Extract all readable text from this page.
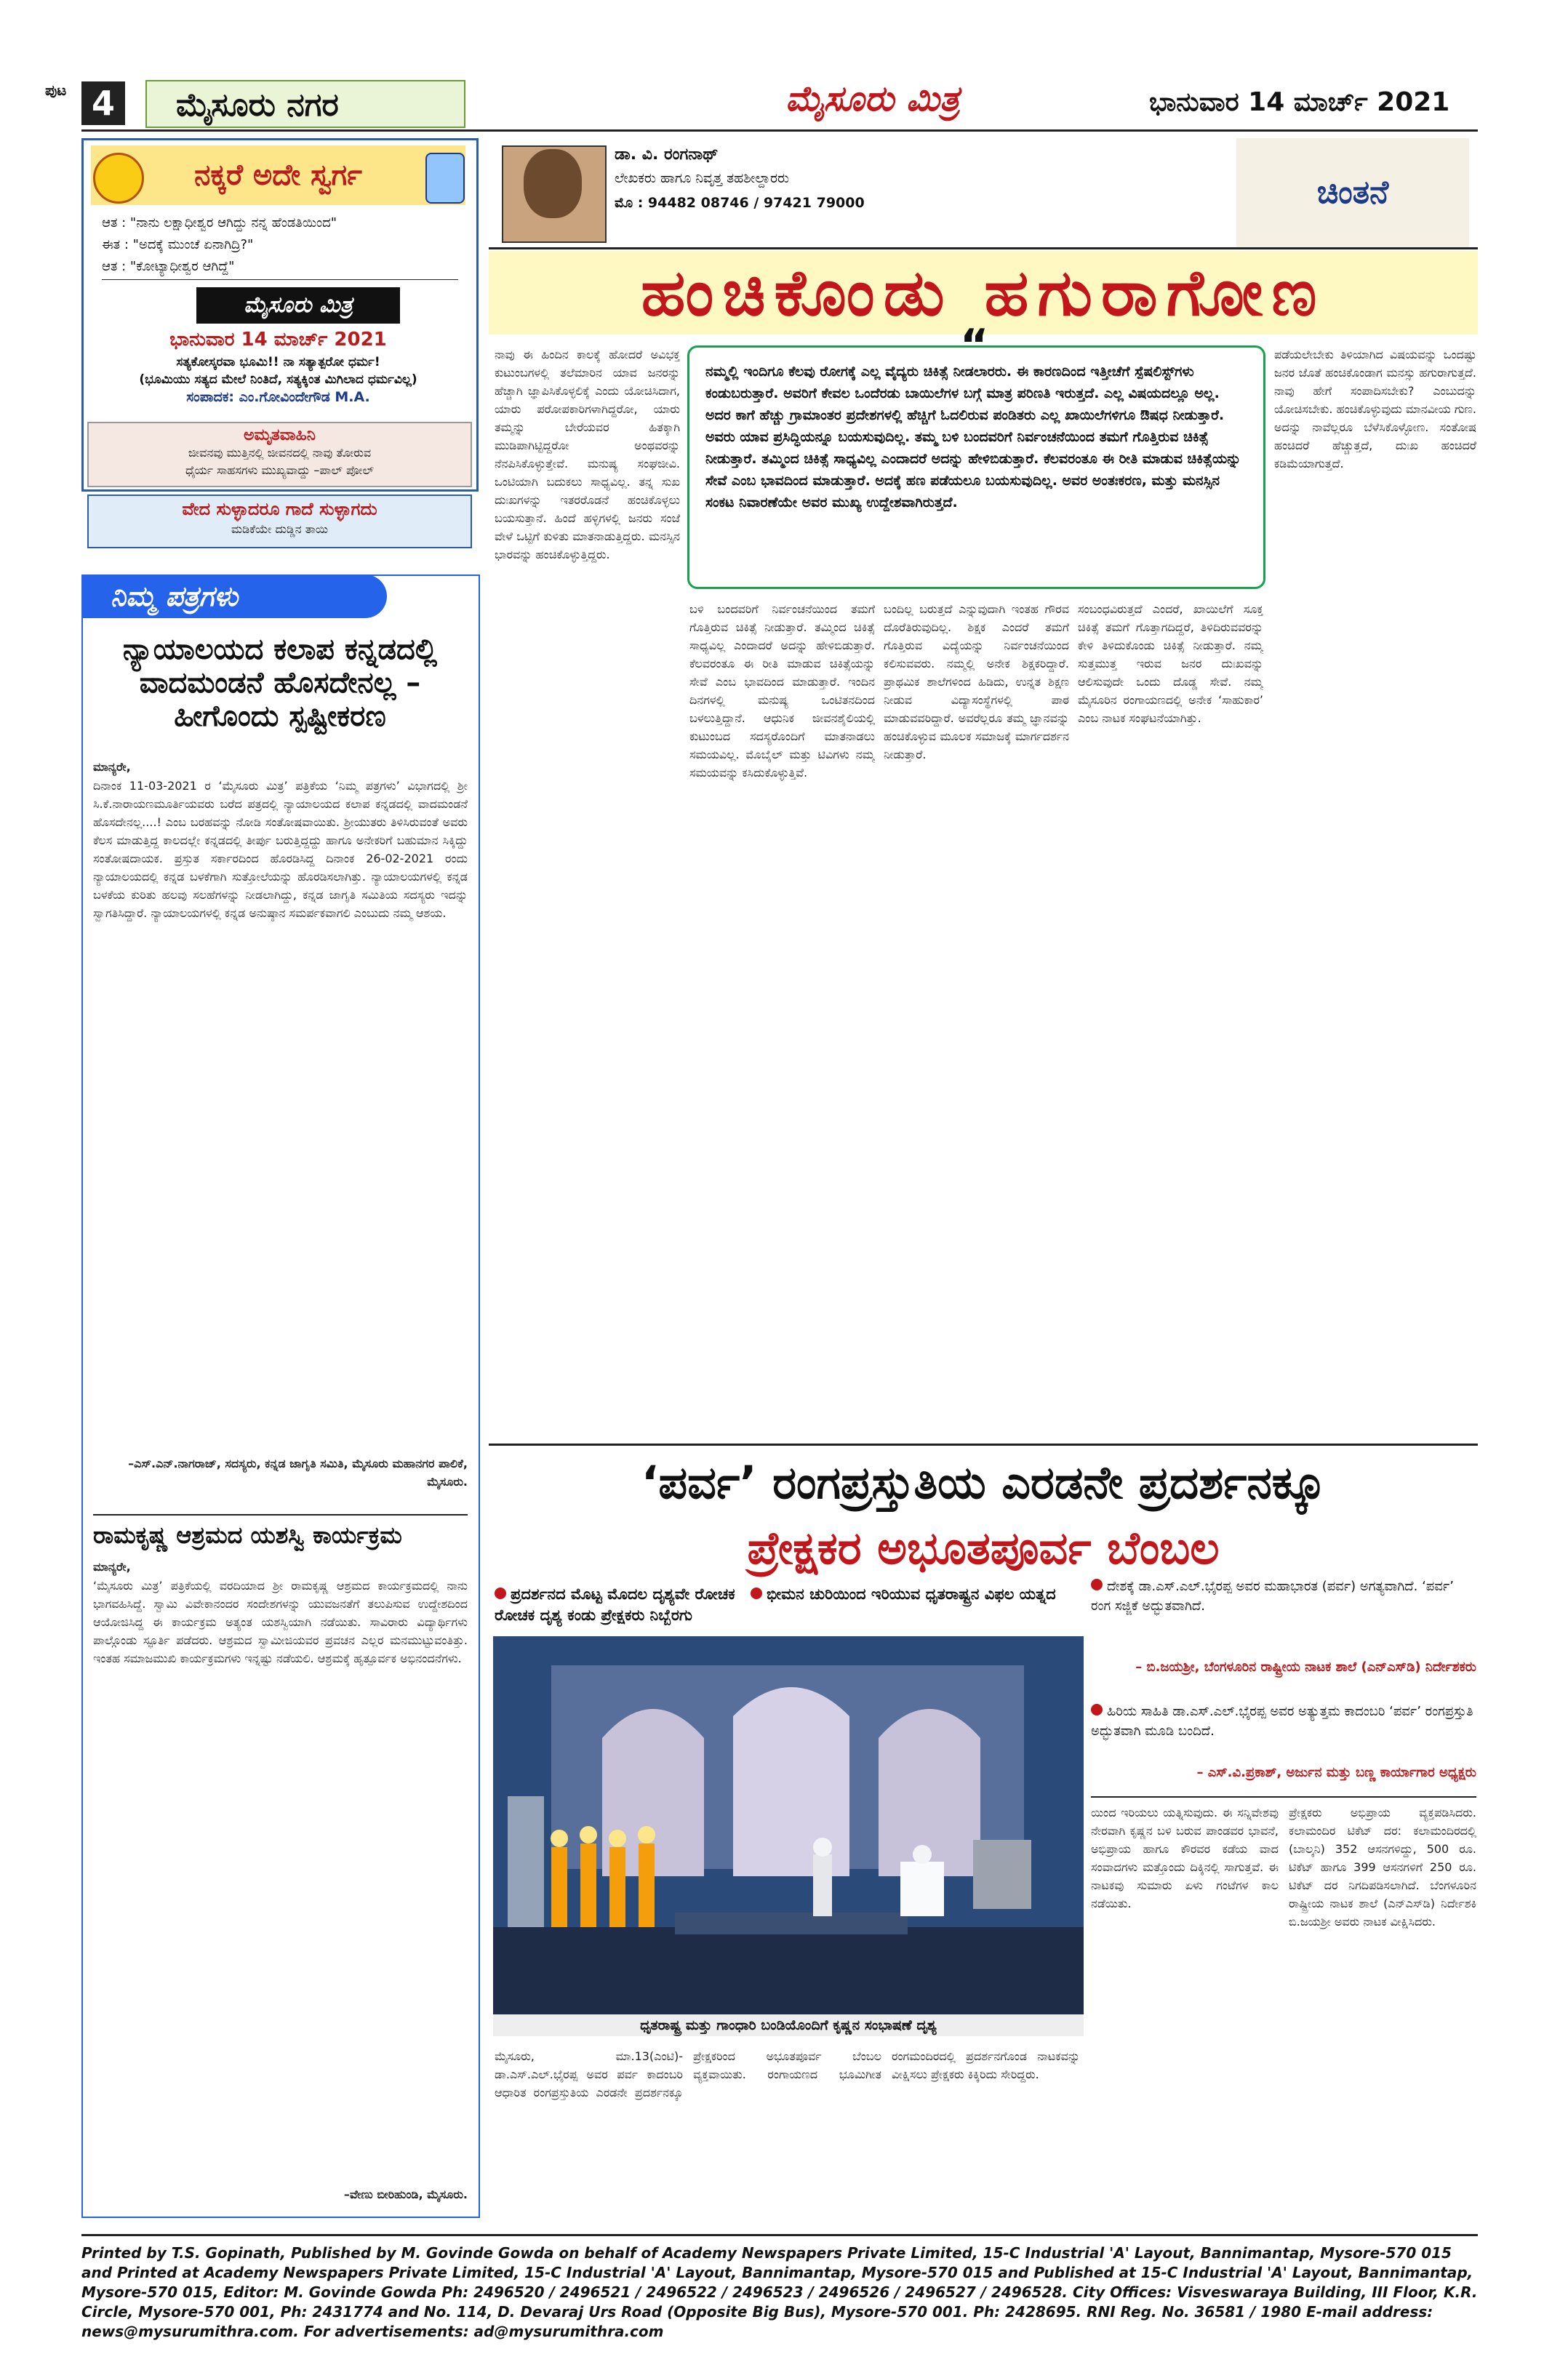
ಪುಟ 4	ಮೈಸೂರು ನಗರ	ಮೈಸೂರು ಮಿತ್ರ	ಭಾನುವಾರ 14 ಮಾರ್ಚ್ 2021
ನಕ್ಕರೆ ಅದೇ ಸ್ವರ್ಗ
ಆತ : "ನಾನು ಲಕ್ಷಾಧೀಶ್ವರ ಆಗಿದ್ದು ನನ್ನ ಹೆಂಡತಿಯಿಂದ"
ಈತ : "ಅದಕ್ಕೆ ಮುಂಚೆ ಏನಾಗಿದ್ರಿ?"
ಆತ : "ಕೋಟ್ಯಾಧೀಶ್ವರ ಆಗಿದ್ದೆ"
ಮೈಸೂರು ಮಿತ್ರ
ಭಾನುವಾರ 14 ಮಾರ್ಚ್ 2021
ಸತ್ಯಕೋಸ್ಕರವಾ ಭೂಮಿ!! ನಾ ಸತ್ಯಾತ್ಪರೋ ಧರ್ಮ!
(ಭೂಮಿಯು ಸತ್ಯದ ಮೇಲೆ ನಿಂತಿದೆ, ಸತ್ಯಕ್ಕಿಂತ ಮಿಗಿಲಾದ ಧರ್ಮವಿಲ್ಲ)
ಸಂಪಾದಕ: ಎಂ.ಗೋವಿಂದೇಗೌಡ M.A.
ಅಮೃತವಾಹಿನಿ
ಜೀವನವು ಮುತ್ತಿನಲ್ಲಿ ಜೀವನದಲ್ಲಿ ನಾವು ತೋರುವ
ಧೈರ್ಯ ಸಾಹಸಗಳು ಮುಖ್ಯವಾದ್ದು –ಪಾಲ್ ಪೋಲ್
ವೇದ ಸುಳ್ಳಾದರೂ ಗಾದೆ ಸುಳ್ಳಾಗದು
ಮಡಿಕೆಯೇ ದುಡ್ಡಿನ ತಾಯಿ
ನಿಮ್ಮ ಪತ್ರಗಳು
ನ್ಯಾಯಾಲಯದ ಕಲಾಪ ಕನ್ನಡದಲ್ಲಿ ವಾದಮಂಡನೆ ಹೊಸದೇನಲ್ಲ – ಹೀಗೊಂದು ಸ್ಪಷ್ಟೀಕರಣ
ಮಾನ್ಯರೇ,
ದಿನಾಂಕ 11-03-2021 ರ ‘ಮೈಸೂರು ಮಿತ್ರ’ ಪತ್ರಿಕೆಯ ‘ನಿಮ್ಮ ಪತ್ರಗಳು’ ವಿಭಾಗದಲ್ಲಿ ಶ್ರೀ ಸಿ.ಕೆ.ನಾರಾಯಣಮೂರ್ತಿಯವರು ಬರೆದ ಪತ್ರದಲ್ಲಿ ನ್ಯಾಯಾಲಯದ ಕಲಾಪ ಕನ್ನಡದಲ್ಲಿ ವಾದಮಂಡನೆ ಹೊಸದೇನಲ್ಲ....! ಎಂಬ ಬರಹವನ್ನು ನೋಡಿ ಸಂತೋಷವಾಯಿತು. ಶ್ರೀಯುತರು ತಿಳಿಸಿರುವಂತೆ ಅವರು ಕೆಲಸ ಮಾಡುತ್ತಿದ್ದ ಕಾಲದಲ್ಲೇ ಕನ್ನಡದಲ್ಲಿ ತೀರ್ಪು ಬರುತ್ತಿದ್ದದ್ದು ಹಾಗೂ ಅನೇಕರಿಗೆ ಬಹುಮಾನ ಸಿಕ್ಕಿದ್ದು ಸಂತೋಷದಾಯಕ. ಪ್ರಸ್ತುತ ಸರ್ಕಾರದಿಂದ ಹೊರಡಿಸಿದ್ದ ದಿನಾಂಕ 26-02-2021 ರಂದು ನ್ಯಾಯಾಲಯದಲ್ಲಿ ಕನ್ನಡ ಬಳಕೆಗಾಗಿ ಸುತ್ತೋಲೆಯನ್ನು ಹೊರಡಿಸಲಾಗಿತ್ತು. ನ್ಯಾಯಾಲಯಗಳಲ್ಲಿ ಕನ್ನಡ ಬಳಕೆಯ ಕುರಿತು ಹಲವು ಸಲಹೆಗಳನ್ನು ನೀಡಲಾಗಿದ್ದು, ಕನ್ನಡ ಜಾಗೃತಿ ಸಮಿತಿಯ ಸದಸ್ಯರು ಇದನ್ನು ಸ್ವಾಗತಿಸಿದ್ದಾರೆ. ನ್ಯಾಯಾಲಯಗಳಲ್ಲಿ ಕನ್ನಡ ಅನುಷ್ಠಾನ ಸಮರ್ಪಕವಾಗಲಿ ಎಂಬುದು ನಮ್ಮ ಆಶಯ.
–ಎಸ್.ಎನ್.ನಾಗರಾಜ್, ಸದಸ್ಯರು, ಕನ್ನಡ ಜಾಗೃತಿ ಸಮಿತಿ, ಮೈಸೂರು ಮಹಾನಗರ ಪಾಲಿಕೆ, ಮೈಸೂರು.
ರಾಮಕೃಷ್ಣ ಆಶ್ರಮದ ಯಶಸ್ವಿ ಕಾರ್ಯಕ್ರಮ
ಮಾನ್ಯರೇ,
‘ಮೈಸೂರು ಮಿತ್ರ’ ಪತ್ರಿಕೆಯಲ್ಲಿ ವರದಿಯಾದ ಶ್ರೀ ರಾಮಕೃಷ್ಣ ಆಶ್ರಮದ ಕಾರ್ಯಕ್ರಮದಲ್ಲಿ ನಾನು ಭಾಗವಹಿಸಿದ್ದೆ. ಸ್ವಾಮಿ ವಿವೇಕಾನಂದರ ಸಂದೇಶಗಳನ್ನು ಯುವಜನತೆಗೆ ತಲುಪಿಸುವ ಉದ್ದೇಶದಿಂದ ಆಯೋಜಿಸಿದ್ದ ಈ ಕಾರ್ಯಕ್ರಮ ಅತ್ಯಂತ ಯಶಸ್ವಿಯಾಗಿ ನಡೆಯಿತು. ಸಾವಿರಾರು ವಿದ್ಯಾರ್ಥಿಗಳು ಪಾಲ್ಗೊಂಡು ಸ್ಫೂರ್ತಿ ಪಡೆದರು. ಆಶ್ರಮದ ಸ್ವಾಮೀಜಿಯವರ ಪ್ರವಚನ ಎಲ್ಲರ ಮನಮುಟ್ಟುವಂತಿತ್ತು. ಇಂತಹ ಸಮಾಜಮುಖಿ ಕಾರ್ಯಕ್ರಮಗಳು ಇನ್ನಷ್ಟು ನಡೆಯಲಿ. ಆಶ್ರಮಕ್ಕೆ ಹೃತ್ಪೂರ್ವಕ ಅಭಿನಂದನೆಗಳು.
–ವೇಣು ಬೀರಿಹುಂಡಿ, ಮೈಸೂರು.
ಡಾ. ವಿ. ರಂಗನಾಥ್
ಲೇಖಕರು ಹಾಗೂ ನಿವೃತ್ತ ತಹಶೀಲ್ದಾರರು
ಮೊ : 94482 08746 / 97421 79000	ಚಿಂತನೆ
ಹಂಚಿಕೊಂಡು ಹಗುರಾಗೋಣ
“
ನಮ್ಮಲ್ಲಿ ಇಂದಿಗೂ ಕೆಲವು ರೋಗಕ್ಕೆ ಎಲ್ಲ ವೈದ್ಯರು ಚಿಕಿತ್ಸೆ ನೀಡಲಾರರು. ಈ ಕಾರಣದಿಂದ ಇತ್ತೀಚೆಗೆ ಸ್ಪೆಷಲಿಸ್ಟ್‌ಗಳು ಕಂಡುಬರುತ್ತಾರೆ. ಅವರಿಗೆ ಕೇವಲ ಒಂದೆರಡು ಬಾಯಿಲೆಗಳ ಬಗ್ಗೆ ಮಾತ್ರ ಪರಿಣತಿ ಇರುತ್ತದೆ. ಎಲ್ಲ ವಿಷಯದಲ್ಲೂ ಅಲ್ಲ. ಅದರ ಕಾಗೆ ಹೆಚ್ಚು ಗ್ರಾಮಾಂತರ ಪ್ರದೇಶಗಳಲ್ಲಿ ಹೆಚ್ಚಿಗೆ ಓದಲಿರುವ ಪಂಡಿತರು ಎಲ್ಲ ಖಾಯಿಲೆಗಳಿಗೂ ಔಷಧ ನೀಡುತ್ತಾರೆ. ಅವರು ಯಾವ ಪ್ರಸಿದ್ಧಿಯನ್ನೂ ಬಯಸುವುದಿಲ್ಲ. ತಮ್ಮ ಬಳಿ ಬಂದವರಿಗೆ ನಿರ್ವಂಚನೆಯಿಂದ ತಮಗೆ ಗೊತ್ತಿರುವ ಚಿಕಿತ್ಸೆ ನೀಡುತ್ತಾರೆ. ತಮ್ಮಿಂದ ಚಿಕಿತ್ಸೆ ಸಾಧ್ಯವಿಲ್ಲ ಎಂದಾದರೆ ಅದನ್ನು ಹೇಳಿಬಿಡುತ್ತಾರೆ. ಕೆಲವರಂತೂ ಈ ರೀತಿ ಮಾಡುವ ಚಿಕಿತ್ಸೆಯನ್ನು ಸೇವೆ ಎಂಬ ಭಾವದಿಂದ ಮಾಡುತ್ತಾರೆ. ಅದಕ್ಕೆ ಹಣ ಪಡೆಯಲೂ ಬಯಸುವುದಿಲ್ಲ. ಅವರ ಅಂತಃಕರಣ, ಮತ್ತು ಮನಸ್ಸಿನ ಸಂಕಟ ನಿವಾರಣೆಯೇ ಅವರ ಮುಖ್ಯ ಉದ್ದೇಶವಾಗಿರುತ್ತದೆ.
ನಾವು ಈ ಹಿಂದಿನ ಕಾಲಕ್ಕೆ ಹೋದರೆ ಅವಿಭಕ್ತ ಕುಟುಂಬಗಳಲ್ಲಿ ತಲೆಮಾರಿನ ಯಾವ ಜನರನ್ನು ಹೆಚ್ಚಾಗಿ ಜ್ಞಾಪಿಸಿಕೊಳ್ಳಲಿಕ್ಕೆ ಎಂದು ಯೋಚಿಸಿದಾಗ, ಯಾರು ಪರೋಪಕಾರಿಗಳಾಗಿದ್ದರೋ, ಯಾರು ತಮ್ಮನ್ನು ಬೇರೆಯವರ ಹಿತಕ್ಕಾಗಿ ಮುಡಿಪಾಗಿಟ್ಟಿದ್ದರೋ ಅಂಥವರನ್ನು ನೆನಪಿಸಿಕೊಳ್ಳುತ್ತೇವೆ. ಮನುಷ್ಯ ಸಂಘಜೀವಿ. ಒಂಟಿಯಾಗಿ ಬದುಕಲು ಸಾಧ್ಯವಿಲ್ಲ. ತನ್ನ ಸುಖ ದುಃಖಗಳನ್ನು ಇತರರೊಡನೆ ಹಂಚಿಕೊಳ್ಳಲು ಬಯಸುತ್ತಾನೆ. ಹಿಂದೆ ಹಳ್ಳಿಗಳಲ್ಲಿ ಜನರು ಸಂಜೆ ವೇಳೆ ಒಟ್ಟಿಗೆ ಕುಳಿತು ಮಾತನಾಡುತ್ತಿದ್ದರು. ಮನಸ್ಸಿನ ಭಾರವನ್ನು ಹಂಚಿಕೊಳ್ಳುತ್ತಿದ್ದರು.
ಬಳಿ ಬಂದವರಿಗೆ ನಿರ್ವಂಚನೆಯಿಂದ ತಮಗೆ ಗೊತ್ತಿರುವ ಚಿಕಿತ್ಸೆ ನೀಡುತ್ತಾರೆ. ತಮ್ಮಿಂದ ಚಿಕಿತ್ಸೆ ಸಾಧ್ಯವಿಲ್ಲ ಎಂದಾದರೆ ಅದನ್ನು ಹೇಳಿಬಿಡುತ್ತಾರೆ. ಕೆಲವರಂತೂ ಈ ರೀತಿ ಮಾಡುವ ಚಿಕಿತ್ಸೆಯನ್ನು ಸೇವೆ ಎಂಬ ಭಾವದಿಂದ ಮಾಡುತ್ತಾರೆ. ಇಂದಿನ ದಿನಗಳಲ್ಲಿ ಮನುಷ್ಯ ಒಂಟಿತನದಿಂದ ಬಳಲುತ್ತಿದ್ದಾನೆ. ಆಧುನಿಕ ಜೀವನಶೈಲಿಯಲ್ಲಿ ಕುಟುಂಬದ ಸದಸ್ಯರೊಂದಿಗೆ ಮಾತನಾಡಲು ಸಮಯವಿಲ್ಲ. ಮೊಬೈಲ್ ಮತ್ತು ಟಿವಿಗಳು ನಮ್ಮ ಸಮಯವನ್ನು ಕಸಿದುಕೊಳ್ಳುತ್ತಿವೆ.
ಬಂದಿಲ್ಲ ಬರುತ್ತದೆ ಎನ್ನುವುದಾಗಿ ಇಂತಹ ಗೌರವ ದೊರೆತಿರುವುದಿಲ್ಲ. ಶಿಕ್ಷಕ ಎಂದರೆ ತಮಗೆ ಗೊತ್ತಿರುವ ವಿದ್ಯೆಯನ್ನು ನಿರ್ವಂಚನೆಯಿಂದ ಕಲಿಸುವವರು. ನಮ್ಮಲ್ಲಿ ಅನೇಕ ಶಿಕ್ಷಕರಿದ್ದಾರೆ. ಪ್ರಾಥಮಿಕ ಶಾಲೆಗಳಿಂದ ಹಿಡಿದು, ಉನ್ನತ ಶಿಕ್ಷಣ ನೀಡುವ ವಿದ್ಯಾಸಂಸ್ಥೆಗಳಲ್ಲಿ ಪಾಠ ಮಾಡುವವರಿದ್ದಾರೆ. ಅವರೆಲ್ಲರೂ ತಮ್ಮ ಜ್ಞಾನವನ್ನು ಹಂಚಿಕೊಳ್ಳುವ ಮೂಲಕ ಸಮಾಜಕ್ಕೆ ಮಾರ್ಗದರ್ಶನ ನೀಡುತ್ತಾರೆ.
ಸಂಬಂಧವಿರುತ್ತದೆ ಎಂದರೆ, ಖಾಯಿಲೆಗೆ ಸೂಕ್ತ ಚಿಕಿತ್ಸೆ ತಮಗೆ ಗೊತ್ತಾಗದಿದ್ದರೆ, ತಿಳಿದಿರುವವರನ್ನು ಕೇಳಿ ತಿಳಿದುಕೊಂಡು ಚಿಕಿತ್ಸೆ ನೀಡುತ್ತಾರೆ. ನಮ್ಮ ಸುತ್ತಮುತ್ತ ಇರುವ ಜನರ ದುಃಖವನ್ನು ಆಲಿಸುವುದೇ ಒಂದು ದೊಡ್ಡ ಸೇವೆ. ನಮ್ಮ ಮೈಸೂರಿನ ರಂಗಾಯಣದಲ್ಲಿ ಅನೇಕ ‘ಸಾಹುಕಾರ’ ಎಂಬ ನಾಟಕ ಸಂಘಟನೆಯಾಗಿತ್ತು.
ಪಡೆಯಲೇಬೇಕು ತಿಳಿಯಾಗಿದ ವಿಷಯವನ್ನು ಒಂದಷ್ಟು ಜನರ ಜೊತೆ ಹಂಚಿಕೊಂಡಾಗ ಮನಸ್ಸು ಹಗುರಾಗುತ್ತದೆ. ನಾವು ಹೇಗೆ ಸಂಪಾದಿಸಬೇಕು? ಎಂಬುದನ್ನು ಯೋಚಿಸಬೇಕು. ಹಂಚಿಕೊಳ್ಳುವುದು ಮಾನವೀಯ ಗುಣ. ಅದನ್ನು ನಾವೆಲ್ಲರೂ ಬೆಳೆಸಿಕೊಳ್ಳೋಣ. ಸಂತೋಷ ಹಂಚಿದರೆ ಹೆಚ್ಚುತ್ತದೆ, ದುಃಖ ಹಂಚಿದರೆ ಕಡಿಮೆಯಾಗುತ್ತದೆ.
‘ಪರ್ವ’ ರಂಗಪ್ರಸ್ತುತಿಯ ಎರಡನೇ ಪ್ರದರ್ಶನಕ್ಕೂ
ಪ್ರೇಕ್ಷಕರ ಅಭೂತಪೂರ್ವ ಬೆಂಬಲ
ಪ್ರದರ್ಶನದ ಮೊಟ್ಟ ಮೊದಲ ದೃಶ್ಯವೇ ರೋಚಕ ಭೀಮನ ಚುರಿಯಿಂದ ಇರಿಯುವ ಧೃತರಾಷ್ಟ್ರನ ವಿಫಲ ಯತ್ನದ ರೋಚಕ ದೃಶ್ಯ ಕಂಡು ಪ್ರೇಕ್ಷಕರು ನಿಬ್ಬೆರಗು
ಧೃತರಾಷ್ಟ್ರ ಮತ್ತು ಗಾಂಧಾರಿ ಬಂಡಿಯೊಂದಿಗೆ ಕೃಷ್ಣನ ಸಂಭಾಷಣೆ ದೃಶ್ಯ
ದೇಶಕ್ಕೆ ಡಾ.ಎಸ್.ಎಲ್.ಭೈರಪ್ಪ ಅವರ ಮಹಾಭಾರತ (ಪರ್ವ) ಅಗತ್ಯವಾಗಿದೆ. ‘ಪರ್ವ’ ರಂಗ ಸಜ್ಜಿಕೆ ಅದ್ಭುತವಾಗಿದೆ.
– ಬಿ.ಜಯಶ್ರೀ, ಬೆಂಗಳೂರಿನ ರಾಷ್ಟ್ರೀಯ ನಾಟಕ ಶಾಲೆ (ಎನ್‌ಎಸ್‌ಡಿ) ನಿರ್ದೇಶಕರು
ಹಿರಿಯ ಸಾಹಿತಿ ಡಾ.ಎಸ್.ಎಲ್.ಭೈರಪ್ಪ ಅವರ ಅತ್ಯುತ್ತಮ ಕಾದಂಬರಿ ‘ಪರ್ವ’ ರಂಗಪ್ರಸ್ತುತಿ ಅದ್ಭುತವಾಗಿ ಮೂಡಿ ಬಂದಿದೆ.
– ಎಸ್.ವಿ.ಪ್ರಕಾಶ್, ಅರ್ಜುನ ಮತ್ತು ಬಣ್ಣ ಕಾರ್ಯಾಗಾರ ಅಧ್ಯಕ್ಷರು
ಯಿಂದ ಇರಿಯಲು ಯತ್ನಿಸುವುದು. ಈ ಸನ್ನಿವೇಶವು ನೇರವಾಗಿ ಕೃಷ್ಣನ ಬಳಿ ಬರುವ ಪಾಂಡವರ ಭಾವನೆ, ಅಭಿಪ್ರಾಯ ಹಾಗೂ ಕೌರವರ ಕಡೆಯ ವಾದ ಸಂವಾದಗಳು ಮತ್ತೊಂದು ದಿಕ್ಕಿನಲ್ಲಿ ಸಾಗುತ್ತವೆ. ಈ ನಾಟಕವು ಸುಮಾರು ಏಳು ಗಂಟೆಗಳ ಕಾಲ ನಡೆಯಿತು.
ಪ್ರೇಕ್ಷಕರು ಅಭಿಪ್ರಾಯ ವ್ಯಕ್ತಪಡಿಸಿದರು. ಕಲಾಮಂದಿರ ಟಿಕೆಟ್ ದರ: ಕಲಾಮಂದಿರದಲ್ಲಿ (ಬಾಲ್ಕನಿ) 352 ಆಸನಗಳಿದ್ದು, 500 ರೂ. ಟಿಕೆಟ್ ಹಾಗೂ 399 ಆಸನಗಳಿಗೆ 250 ರೂ. ಟಿಕೆಟ್ ದರ ನಿಗದಿಪಡಿಸಲಾಗಿದೆ. ಬೆಂಗಳೂರಿನ ರಾಷ್ಟ್ರೀಯ ನಾಟಕ ಶಾಲೆ (ಎನ್‌ಎಸ್‌ಡಿ) ನಿರ್ದೇಶಕಿ ಬಿ.ಜಯಶ್ರೀ ಅವರು ನಾಟಕ ವೀಕ್ಷಿಸಿದರು.
ಮೈಸೂರು, ಮಾ.13(ಎಂಟಿ)- ಡಾ.ಎಸ್.ಎಲ್.ಭೈರಪ್ಪ ಅವರ ಪರ್ವ ಕಾದಂಬರಿ ಆಧಾರಿತ ರಂಗಪ್ರಸ್ತುತಿಯ ಎರಡನೇ ಪ್ರದರ್ಶನಕ್ಕೂ ಪ್ರೇಕ್ಷಕರಿಂದ ಅಭೂತಪೂರ್ವ ಬೆಂಬಲ ವ್ಯಕ್ತವಾಯಿತು. ರಂಗಾಯಣದ ಭೂಮಿಗೀತ ರಂಗಮಂದಿರದಲ್ಲಿ ಪ್ರದರ್ಶನಗೊಂಡ ನಾಟಕವನ್ನು ವೀಕ್ಷಿಸಲು ಪ್ರೇಕ್ಷಕರು ಕಿಕ್ಕಿರಿದು ಸೇರಿದ್ದರು.
Printed by T.S. Gopinath, Published by M. Govinde Gowda on behalf of Academy Newspapers Private Limited, 15-C Industrial 'A' Layout, Bannimantap, Mysore-570 015 and Printed at Academy Newspapers Private Limited, 15-C Industrial 'A' Layout, Bannimantap, Mysore-570 015 and Published at 15-C Industrial 'A' Layout, Bannimantap, Mysore-570 015, Editor: M. Govinde Gowda Ph: 2496520 / 2496521 / 2496522 / 2496523 / 2496526 / 2496527 / 2496528. City Offices: Visveswaraya Building, III Floor, K.R. Circle, Mysore-570 001, Ph: 2431774 and No. 114, D. Devaraj Urs Road (Opposite Big Bus), Mysore-570 001. Ph: 2428695. RNI Reg. No. 36581 / 1980 E-mail address: news@mysurumithra.com. For advertisements: ad@mysurumithra.com
